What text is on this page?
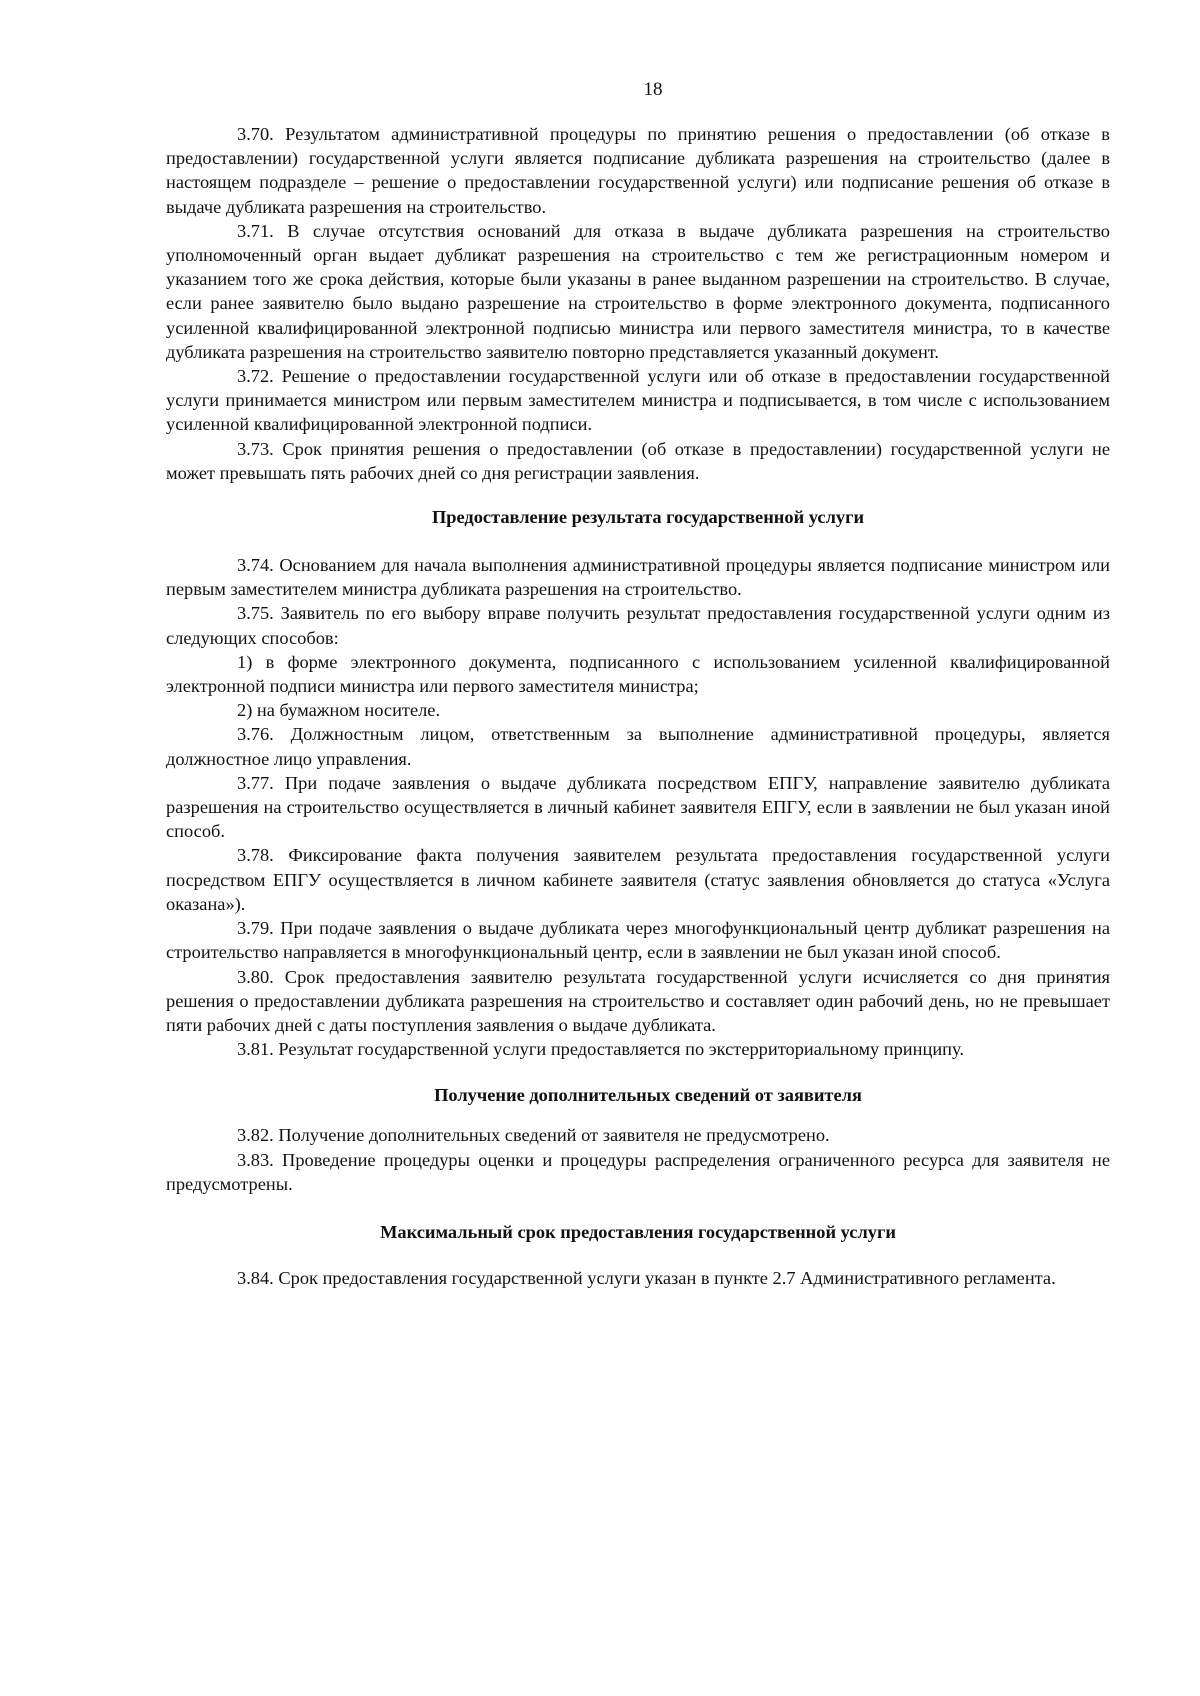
18

3.70. Результатом административной процедуры по принятию решения о предоставлении (об отказе в предоставлении) государственной услуги является подписание дубликата разрешения на строительство (далее в настоящем подразделе – решение о предоставлении государственной услуги) или подписание решения об отказе в выдаче дубликата разрешения на строительство.

3.71. В случае отсутствия оснований для отказа в выдаче дубликата разрешения на строительство уполномоченный орган выдает дубликат разрешения на строительство с тем же регистрационным номером и указанием того же срока действия, которые были указаны в ранее выданном разрешении на строительство. В случае, если ранее заявителю было выдано разрешение на строительство в форме электронного документа, подписанного усиленной квалифицированной электронной подписью министра или первого заместителя министра, то в качестве дубликата разрешения на строительство заявителю повторно представляется указанный документ.

3.72. Решение о предоставлении государственной услуги или об отказе в предоставлении государственной услуги принимается министром или первым заместителем министра и подписывается, в том числе с использованием усиленной квалифицированной электронной подписи.

3.73. Срок принятия решения о предоставлении (об отказе в предоставлении) государственной услуги не может превышать пять рабочих дней со дня регистрации заявления.

Предоставление результата государственной услуги

3.74. Основанием для начала выполнения административной процедуры является подписание министром или первым заместителем министра дубликата разрешения на строительство.

3.75. Заявитель по его выбору вправе получить результат предоставления государственной услуги одним из следующих способов:

1) в форме электронного документа, подписанного с использованием усиленной квалифицированной электронной подписи министра или первого заместителя министра;

2) на бумажном носителе.

3.76. Должностным лицом, ответственным за выполнение административной процедуры, является должностное лицо управления.

3.77. При подаче заявления о выдаче дубликата посредством ЕПГУ, направление заявителю дубликата разрешения на строительство осуществляется в личный кабинет заявителя ЕПГУ, если в заявлении не был указан иной способ.

3.78. Фиксирование факта получения заявителем результата предоставления государственной услуги посредством ЕПГУ осуществляется в личном кабинете заявителя (статус заявления обновляется до статуса «Услуга оказана»).

3.79. При подаче заявления о выдаче дубликата через многофункциональный центр дубликат разрешения на строительство направляется в многофункциональный центр, если в заявлении не был указан иной способ.

3.80. Срок предоставления заявителю результата государственной услуги исчисляется со дня принятия решения о предоставлении дубликата разрешения на строительство и составляет один рабочий день, но не превышает пяти рабочих дней с даты поступления заявления о выдаче дубликата.

3.81. Результат государственной услуги предоставляется по экстерриториальному принципу.

Получение дополнительных сведений от заявителя

3.82. Получение дополнительных сведений от заявителя не предусмотрено.

3.83. Проведение процедуры оценки и процедуры распределения ограниченного ресурса для заявителя не предусмотрены.

Максимальный срок предоставления государственной услуги

3.84. Срок предоставления государственной услуги указан в пункте 2.7 Административного регламента.
